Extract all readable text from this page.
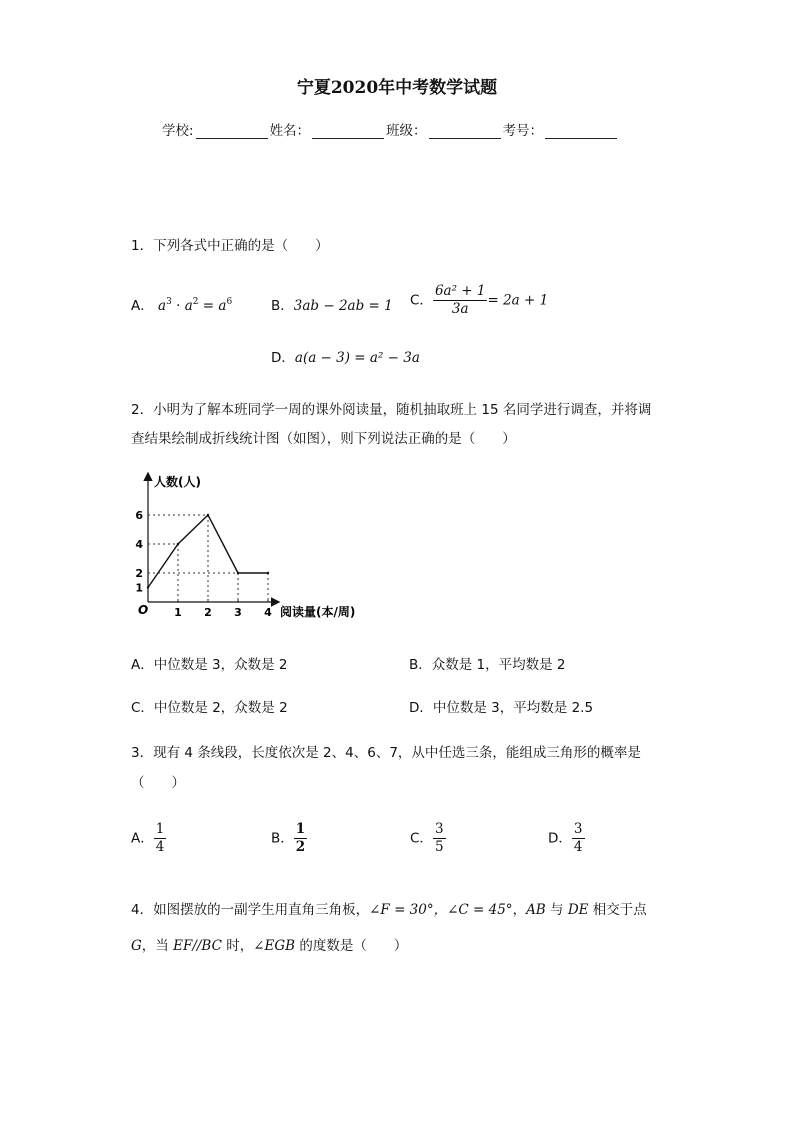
宁夏2020年中考数学试题
学校:	姓名：	班级：	考号：
1．下列各式中正确的是（　　）
A． $a^3 \cdot a^2 = a^6$	B．3ab − 2ab = 1 C． $\frac{\text{6a² + 1}}{3a} = 2a + 1$
D．a(a − 3) = a² − 3a
2．小明为了解本班同学一周的课外阅读量，随机抽取班上 15 名同学进行调查，并将调
查结果绘制成折线统计图（如图），则下列说法正确的是（　　）
人数(人)
阅读量(本/周)
O 1 2 3 4
1
2
4
6
A．中位数是 3，众数是 2	B．众数是 1，平均数是 2
C．中位数是 2，众数是 2	D．中位数是 3，平均数是 2.5
3．现有 4 条线段，长度依次是 2、4、6、7，从中任选三条，能组成三角形的概率是
（　　）
A． $\frac{1}{4}$	B． $\frac{1}{2}$	C． $\frac{3}{5}$	D． $\frac{3}{4}$
4．如图摆放的一副学生用直角三角板，∠F = 30°，∠C = 45°，AB 与 DE 相交于点
G，当 EF//BC 时，∠EGB 的度数是（　　）
